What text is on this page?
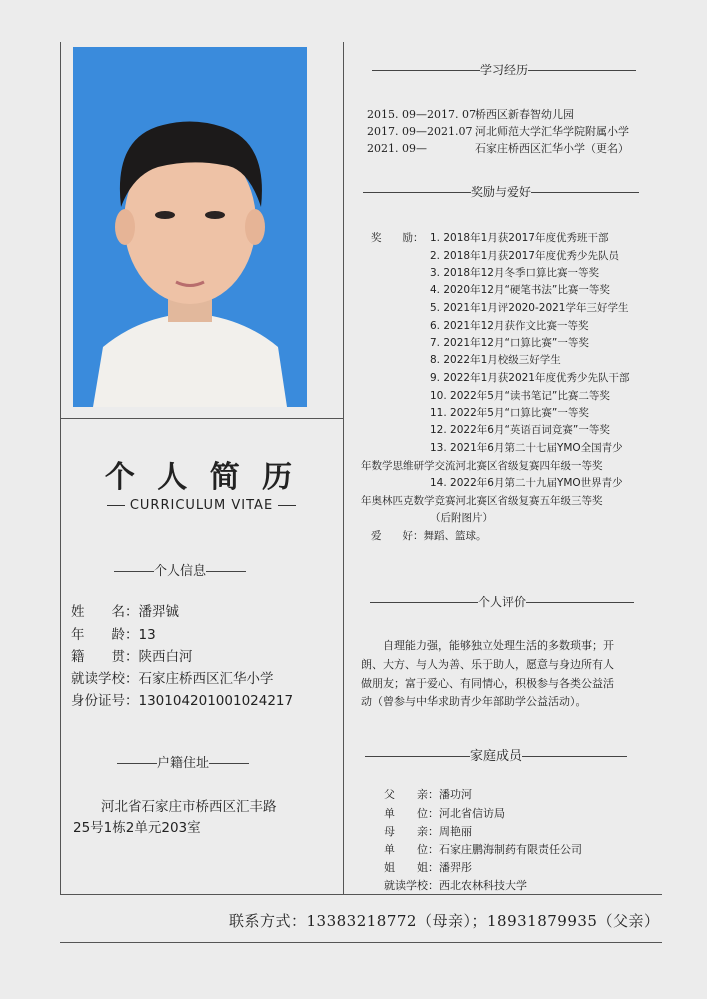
个 人 简 历
CURRICULUM VITAE
个人信息
姓　　名：潘羿铖
年　　龄：13
籍　　贯：陕西白河
就读学校：石家庄桥西区汇华小学
身份证号：130104201001024217
户籍住址
河北省石家庄市桥西区汇丰路
25号1栋2单元203室
学习经历
2015. 09—2017. 07桥西区新春智幼儿园
2017. 09—2021.07 河北师范大学汇华学院附属小学
2021. 09—	石家庄桥西区汇华小学（更名）
奖励与爱好
奖　　励： 1. 2018年1月获2017年度优秀班干部
2. 2018年1月获2017年度优秀少先队员
3. 2018年12月冬季口算比赛一等奖
4. 2020年12月“硬笔书法”比赛一等奖
5. 2021年1月评2020-2021学年三好学生
6. 2021年12月获作文比赛一等奖
7. 2021年12月“口算比赛”一等奖
8. 2022年1月校级三好学生
9. 2022年1月获2021年度优秀少先队干部
10. 2022年5月“读书笔记”比赛二等奖
11. 2022年5月“口算比赛”一等奖
12. 2022年6月“英语百词竞赛”一等奖
13. 2021年6月第二十七届YMO全国青少
年数学思维研学交流河北赛区省级复赛四年级一等奖
14. 2022年6月第二十九届YMO世界青少
年奥林匹克数学竞赛河北赛区省级复赛五年级三等奖
（后附图片）
爱　　好：舞蹈、篮球。
个人评价
自理能力强，能够独立处理生活的多数琐事；开
朗、大方、与人为善、乐于助人，愿意与身边所有人
做朋友；富于爱心、有同情心，积极参与各类公益活
动（曾参与中华求助青少年部助学公益活动）。
家庭成员
父　　亲：潘功河
单　　位：河北省信访局
母　　亲：周艳丽
单　　位：石家庄鹏海制药有限责任公司
姐　　姐：潘羿彤
就读学校：西北农林科技大学
联系方式：13383218772（母亲）；18931879935（父亲）
